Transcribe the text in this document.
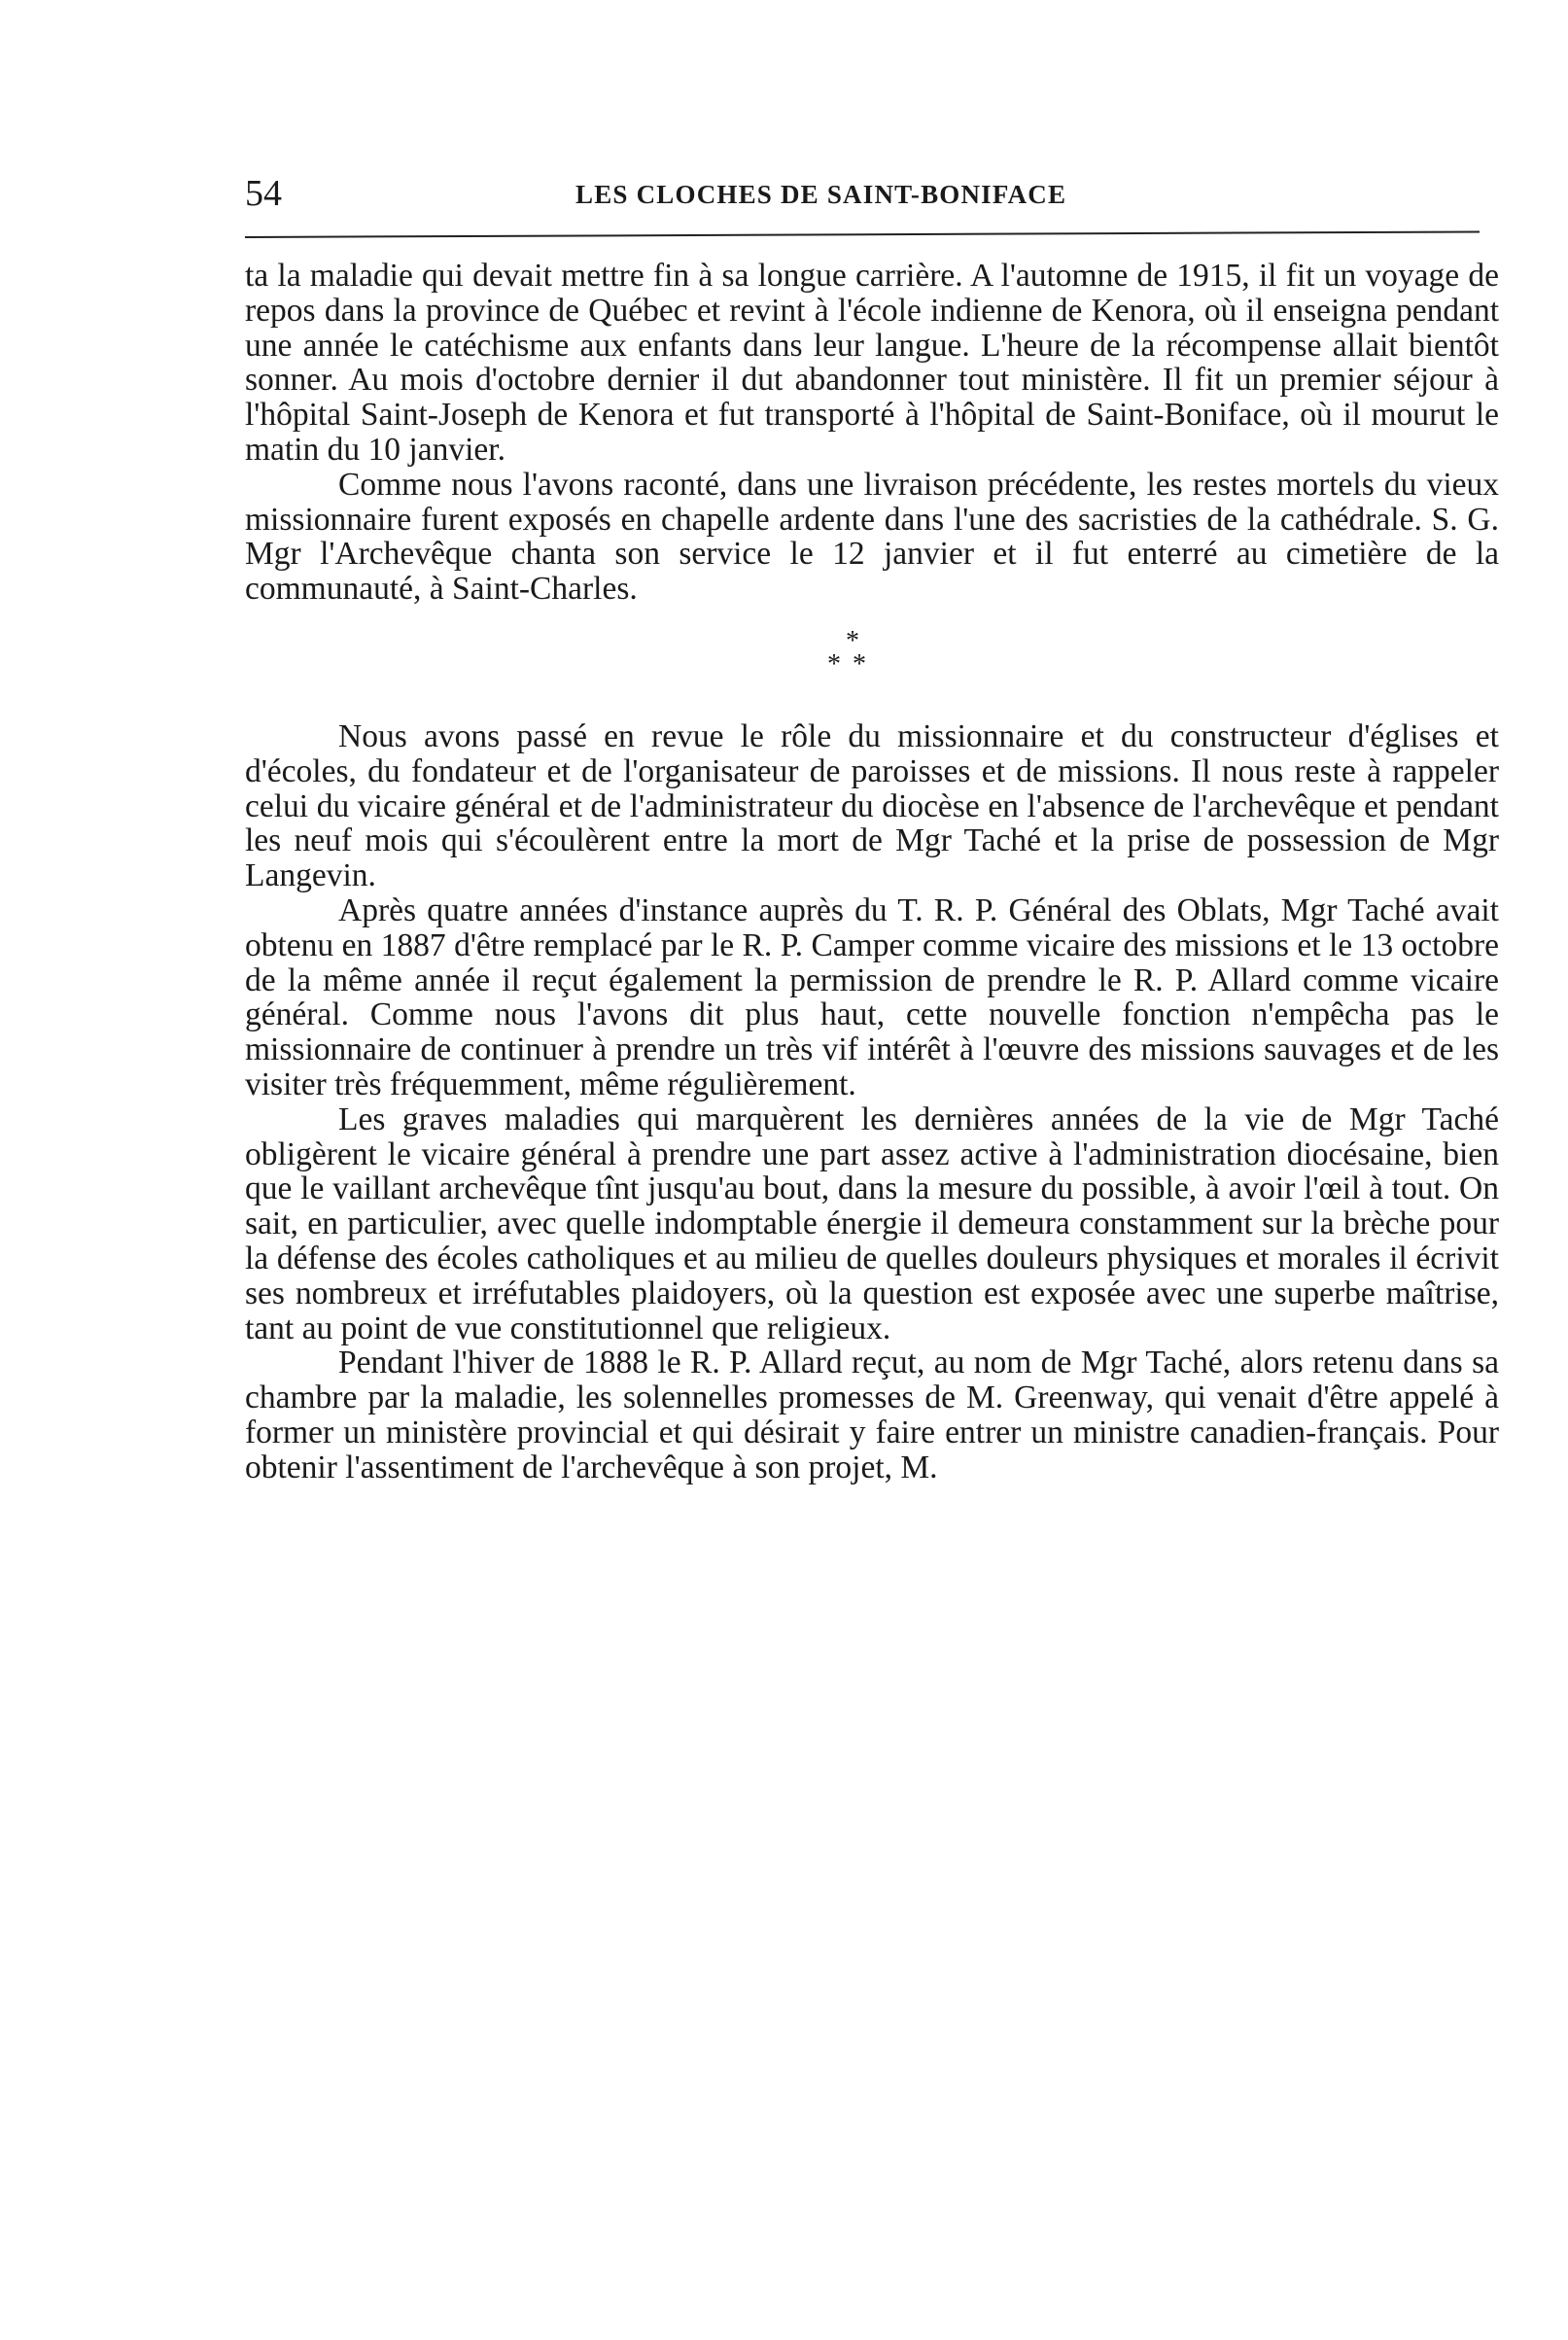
54	LES CLOCHES DE SAINT-BONIFACE

ta la maladie qui devait mettre fin à sa longue carrière. A l'automne de 1915, il fit un voyage de repos dans la province de Québec et revint à l'école indienne de Kenora, où il enseigna pendant une année le catéchisme aux enfants dans leur langue. L'heure de la récompense allait bientôt sonner. Au mois d'octobre dernier il dut abandonner tout ministère. Il fit un premier séjour à l'hôpital Saint-Joseph de Kenora et fut transporté à l'hôpital de Saint-Boniface, où il mourut le matin du 10 janvier.

Comme nous l'avons raconté, dans une livraison précédente, les restes mortels du vieux missionnaire furent exposés en chapelle ardente dans l'une des sacristies de la cathédrale. S. G. Mgr l'Archevêque chanta son service le 12 janvier et il fut enterré au cimetière de la communauté, à Saint-Charles.

*
**

Nous avons passé en revue le rôle du missionnaire et du constructeur d'églises et d'écoles, du fondateur et de l'organisateur de paroisses et de missions. Il nous reste à rappeler celui du vicaire général et de l'administrateur du diocèse en l'absence de l'archevêque et pendant les neuf mois qui s'écoulèrent entre la mort de Mgr Taché et la prise de possession de Mgr Langevin.

Après quatre années d'instance auprès du T. R. P. Général des Oblats, Mgr Taché avait obtenu en 1887 d'être remplacé par le R. P. Camper comme vicaire des missions et le 13 octobre de la même année il reçut également la permission de prendre le R. P. Allard comme vicaire général. Comme nous l'avons dit plus haut, cette nouvelle fonction n'empêcha pas le missionnaire de continuer à prendre un très vif intérêt à l'œuvre des missions sauvages et de les visiter très fréquemment, même régulièrement.

Les graves maladies qui marquèrent les dernières années de la vie de Mgr Taché obligèrent le vicaire général à prendre une part assez active à l'administration diocésaine, bien que le vaillant archevêque tînt jusqu'au bout, dans la mesure du possible, à avoir l'œil à tout. On sait, en particulier, avec quelle indomptable énergie il demeura constamment sur la brèche pour la défense des écoles catholiques et au milieu de quelles douleurs physiques et morales il écrivit ses nombreux et irréfutables plaidoyers, où la question est exposée avec une superbe maîtrise, tant au point de vue constitutionnel que religieux.

Pendant l'hiver de 1888 le R. P. Allard reçut, au nom de Mgr Taché, alors retenu dans sa chambre par la maladie, les solennelles promesses de M. Greenway, qui venait d'être appelé à former un ministère provincial et qui désirait y faire entrer un ministre canadien-français. Pour obtenir l'assentiment de l'archevêque à son projet, M.
